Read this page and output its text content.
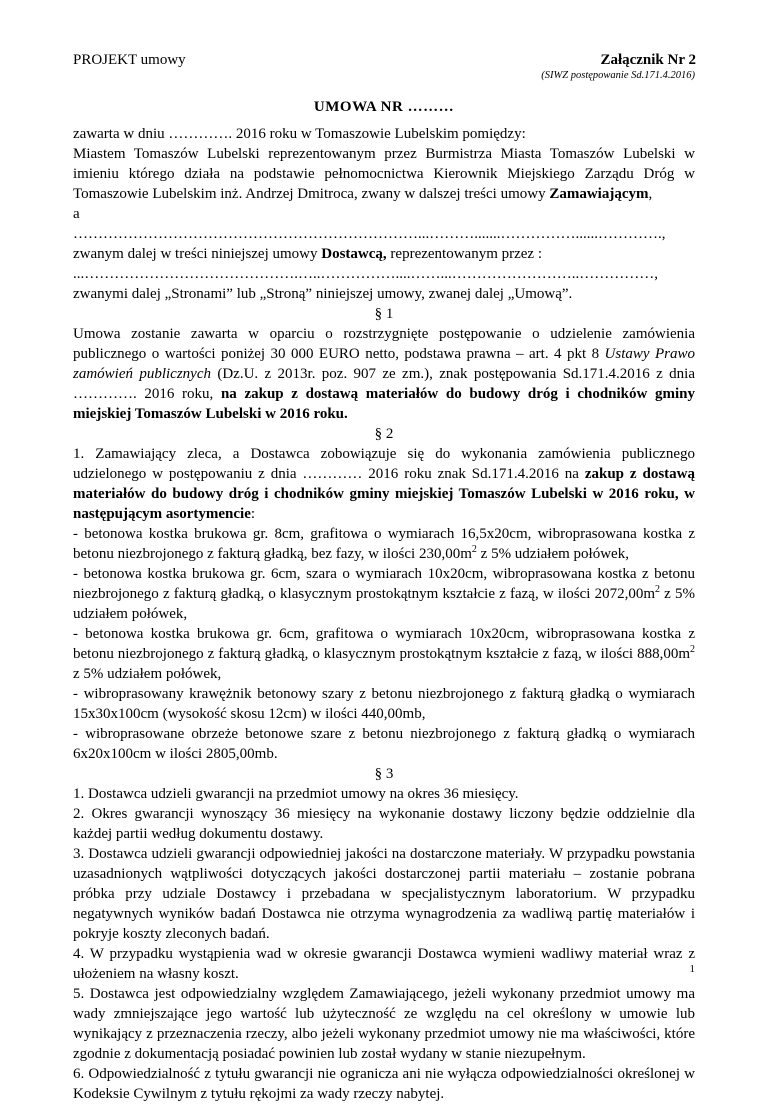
PROJEKT umowy	Załącznik Nr 2
(SIWZ postępowanie Sd.171.4.2016)
UMOWA NR ………

zawarta w dniu …………. 2016 roku w Tomaszowie Lubelskim pomiędzy:

Miastem Tomaszów Lubelski reprezentowanym przez Burmistrza Miasta Tomaszów Lubelski w imieniu którego działa na podstawie pełnomocnictwa Kierownik Miejskiego Zarządu Dróg w Tomaszowie Lubelskim inż. Andrzej Dmitroca, zwany w dalszej treści umowy Zamawiającym,

a

……………………………………………………………...……….......……………......………….,

zwanym dalej w treści niniejszej umowy Dostawcą, reprezentowanym przez :

...…………………………………….…..……………....……...……………………..……………,

zwanymi dalej „Stronami” lub „Stroną” niniejszej umowy, zwanej dalej „Umową”.

§ 1

Umowa zostanie zawarta w oparciu o rozstrzygnięte postępowanie o udzielenie zamówienia publicznego o wartości poniżej 30 000 EURO netto, podstawa prawna – art. 4 pkt 8 Ustawy Prawo zamówień publicznych (Dz.U. z 2013r. poz. 907 ze zm.), znak postępowania Sd.171.4.2016 z dnia …………. 2016 roku, na zakup z dostawą materiałów do budowy dróg i chodników gminy miejskiej Tomaszów Lubelski w 2016 roku.

§ 2

1. Zamawiający zleca, a Dostawca zobowiązuje się do wykonania zamówienia publicznego udzielonego w postępowaniu z dnia ………… 2016 roku znak Sd.171.4.2016 na zakup z dostawą materiałów do budowy dróg i chodników gminy miejskiej Tomaszów Lubelski w 2016 roku, w następującym asortymencie:

- betonowa kostka brukowa gr. 8cm, grafitowa o wymiarach 16,5x20cm, wibroprasowana kostka z betonu niezbrojonego z fakturą gładką, bez fazy, w ilości $230,00m^2$ z 5% udziałem połówek,

- betonowa kostka brukowa gr. 6cm, szara o wymiarach 10x20cm, wibroprasowana kostka z betonu niezbrojonego z fakturą gładką, o klasycznym prostokątnym kształcie z fazą, w ilości $2072,00m^2$ z 5% udziałem połówek,

- betonowa kostka brukowa gr. 6cm, grafitowa o wymiarach 10x20cm, wibroprasowana kostka z betonu niezbrojonego z fakturą gładką, o klasycznym prostokątnym kształcie z fazą, w ilości $888,00m^2$ z 5% udziałem połówek,

- wibroprasowany krawężnik betonowy szary z betonu niezbrojonego z fakturą gładką o wymiarach 15x30x100cm (wysokość skosu 12cm) w ilości 440,00mb,

- wibroprasowane obrzeże betonowe szare z betonu niezbrojonego z fakturą gładką o wymiarach 6x20x100cm w ilości 2805,00mb.

§ 3

1. Dostawca udzieli gwarancji na przedmiot umowy na okres 36 miesięcy.

2. Okres gwarancji wynoszący 36 miesięcy na wykonanie dostawy liczony będzie oddzielnie dla każdej partii według dokumentu dostawy.

3. Dostawca udzieli gwarancji odpowiedniej jakości na dostarczone materiały. W przypadku powstania uzasadnionych wątpliwości dotyczących jakości dostarczonej partii materiału – zostanie pobrana próbka przy udziale Dostawcy i przebadana w specjalistycznym laboratorium. W przypadku negatywnych wyników badań Dostawca nie otrzyma wynagrodzenia za wadliwą partię materiałów i pokryje koszty zleconych badań.

4. W przypadku wystąpienia wad w okresie gwarancji Dostawca wymieni wadliwy materiał wraz z ułożeniem na własny koszt.

5. Dostawca jest odpowiedzialny względem Zamawiającego, jeżeli wykonany przedmiot umowy ma wady zmniejszające jego wartość lub użyteczność ze względu na cel określony w umowie lub wynikający z przeznaczenia rzeczy, albo jeżeli wykonany przedmiot umowy nie ma właściwości, które zgodnie z dokumentacją posiadać powinien lub został wydany w stanie niezupełnym.

6. Odpowiedzialność z tytułu gwarancji nie ogranicza ani nie wyłącza odpowiedzialności określonej w Kodeksie Cywilnym z tytułu rękojmi za wady rzeczy nabytej.

1
